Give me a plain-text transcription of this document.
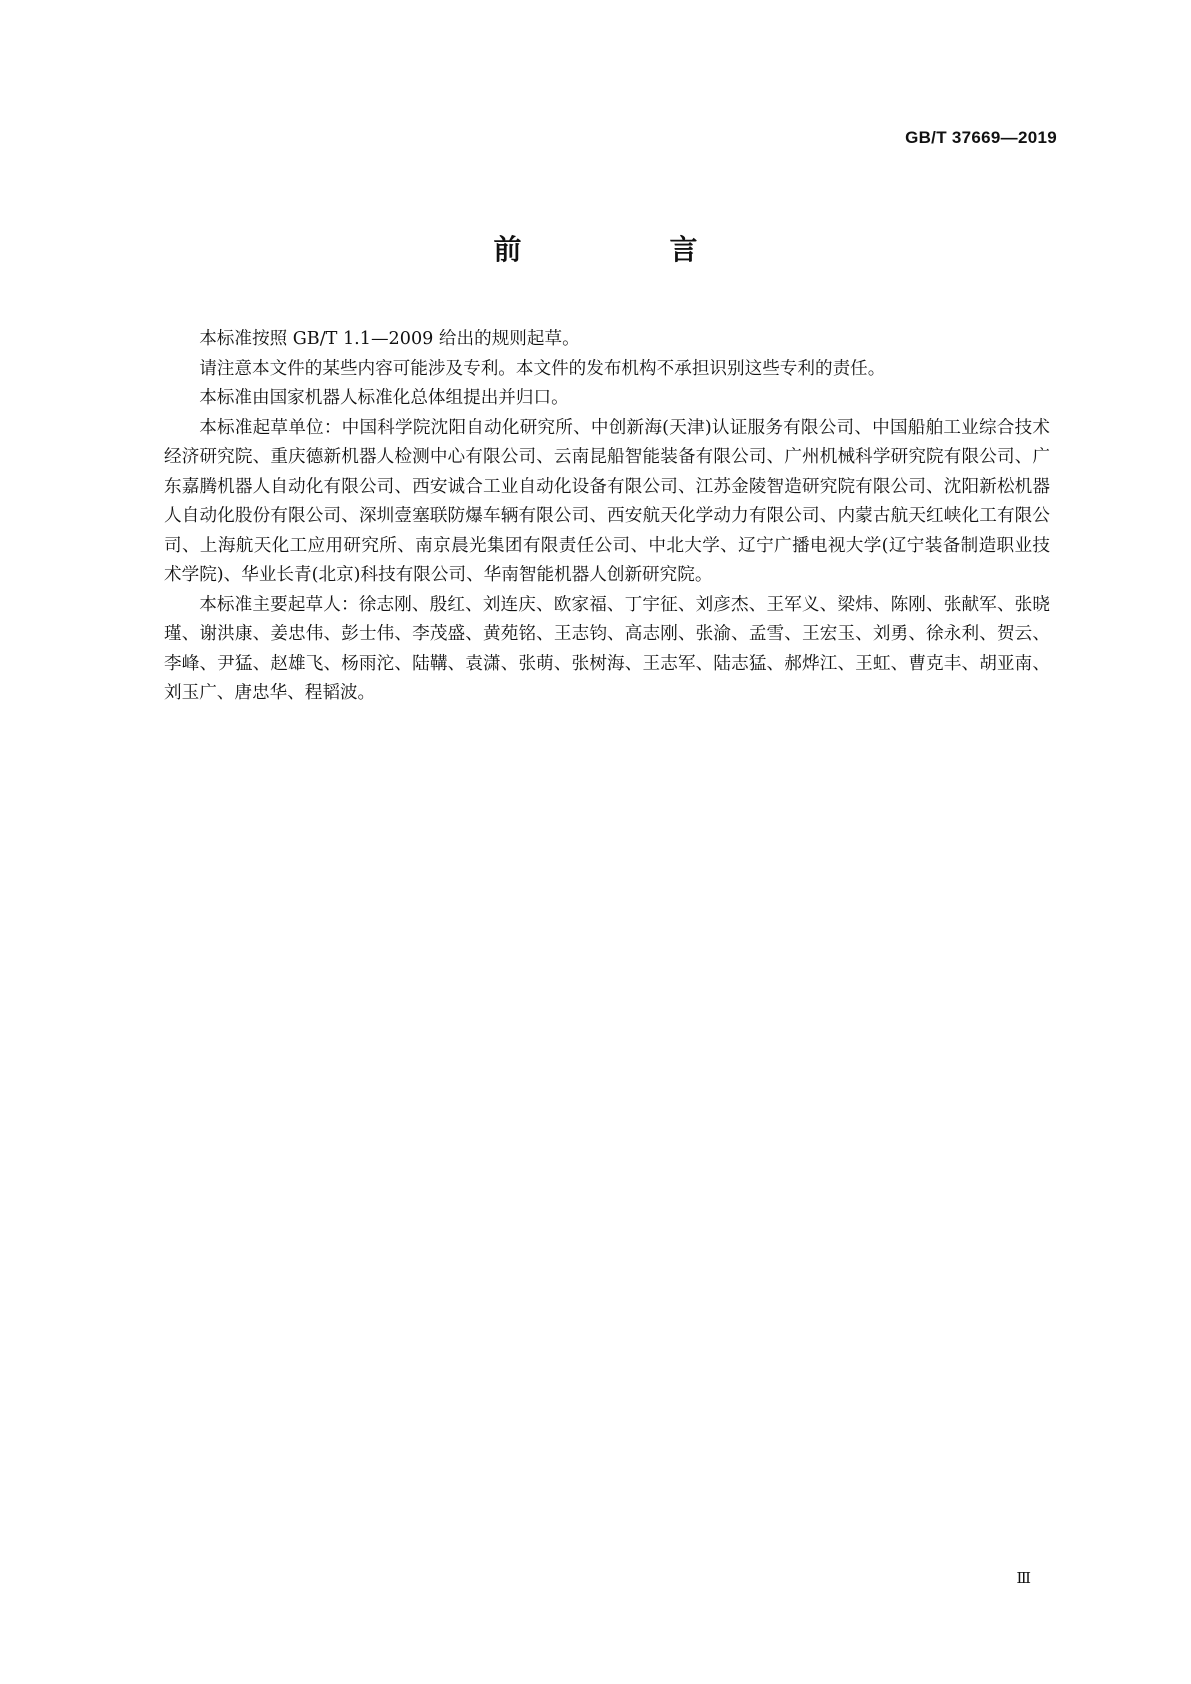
GB/T 37669—2019
前　言

本标准按照 GB/T 1.1—2009 给出的规则起草。

请注意本文件的某些内容可能涉及专利。本文件的发布机构不承担识别这些专利的责任。

本标准由国家机器人标准化总体组提出并归口。

本标准起草单位：中国科学院沈阳自动化研究所、中创新海(天津)认证服务有限公司、中国船舶工业综合技术经济研究院、重庆德新机器人检测中心有限公司、云南昆船智能装备有限公司、广州机械科学研究院有限公司、广东嘉腾机器人自动化有限公司、西安诚合工业自动化设备有限公司、江苏金陵智造研究院有限公司、沈阳新松机器人自动化股份有限公司、深圳壹塞联防爆车辆有限公司、西安航天化学动力有限公司、内蒙古航天红峡化工有限公司、上海航天化工应用研究所、南京晨光集团有限责任公司、中北大学、辽宁广播电视大学(辽宁装备制造职业技术学院)、华业长青(北京)科技有限公司、华南智能机器人创新研究院。

本标准主要起草人：徐志刚、殷红、刘连庆、欧家福、丁宇征、刘彦杰、王军义、梁炜、陈刚、张献军、张晓瑾、谢洪康、姜忠伟、彭士伟、李茂盛、黄苑铭、王志钧、高志刚、张渝、孟雪、王宏玉、刘勇、徐永利、贺云、李峰、尹猛、赵雄飞、杨雨沱、陆鞲、袁潇、张萌、张树海、王志军、陆志猛、郝烨江、王虹、曹克丰、胡亚南、刘玉广、唐忠华、程韬波。

Ⅲ
